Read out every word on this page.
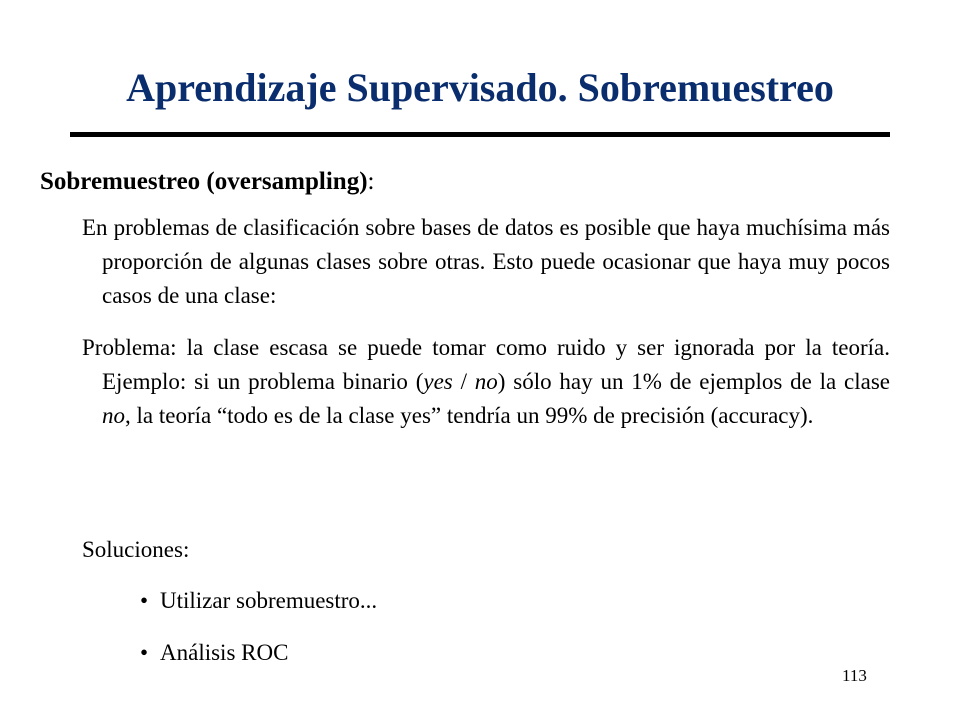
Aprendizaje Supervisado. Sobremuestreo

Sobremuestreo (oversampling):

En problemas de clasificación sobre bases de datos es posible que haya muchísima más proporción de algunas clases sobre otras. Esto puede ocasionar que haya muy pocos casos de una clase:

Problema: la clase escasa se puede tomar como ruido y ser ignorada por la teoría. Ejemplo: si un problema binario (yes / no) sólo hay un 1% de ejemplos de la clase no, la teoría “todo es de la clase yes” tendría un 99% de precisión (accuracy).

Soluciones:

• Utilizar sobremuestro...
• Análisis ROC
113
